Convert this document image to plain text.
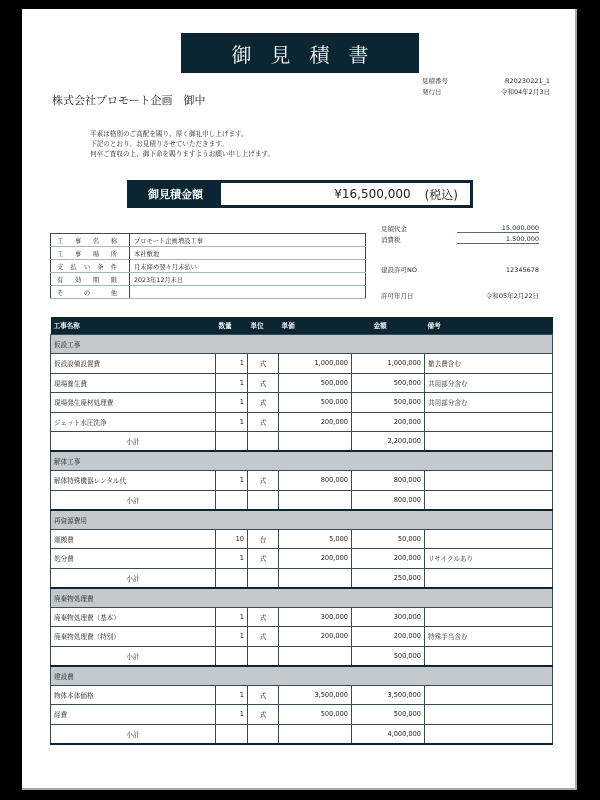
御見積書
見積番号	R20230221_1
発行日	令和04年2月3日
株式会社プロモート企画　御中
平素は格別のご高配を賜り、厚く御礼申し上げます。
下記のとおり、お見積りさせていただきます。
何卒ご査収の上、御下命を賜りますようお願い申し上げます。
御見積金額	¥16,500,000 (税込)
工事名称	プロモート企画増設工事
工事場所	本社敷地
支払い条件	月末締め翌々月末払い
有効期限	2023年12月末日
その他	
見積代金	15.000.000
消費税	1.500.000
建設許可NO	12345678
許可年月日	令和05年2月22日
工事名称	数量	単位	単価	金額	備考
仮設工事					
仮設設備設置費	1	式	1,000,000	1,000,000	撤去費含む
現場養生費	1	式	500,000	500,000	共用部分含む
現場発生廃材処理費	1	式	500,000	500,000	共用部分含む
ジェット水圧洗浄	1	式	200,000	200,000	
小計				2,200,000	
解体工事					
解体特殊機器レンタル代	1	式	800,000	800,000	
小計				800,000	
再資源費用					
運搬費	10	台	5,000	50,000	
処分費	1	式	200,000	200,000	リサイクルあり
小計				250,000	
廃棄物処理費					
廃棄物処理費（基本）	1	式	300,000	300,000	
廃棄物処理費（特別）	1	式	200,000	200,000	特殊手当含む
小計				500,000	
建設費					
物体本体価格	1	式	3,500,000	3,500,000	
経費	1	式	500,000	500,000	
小計				4,000,000	
